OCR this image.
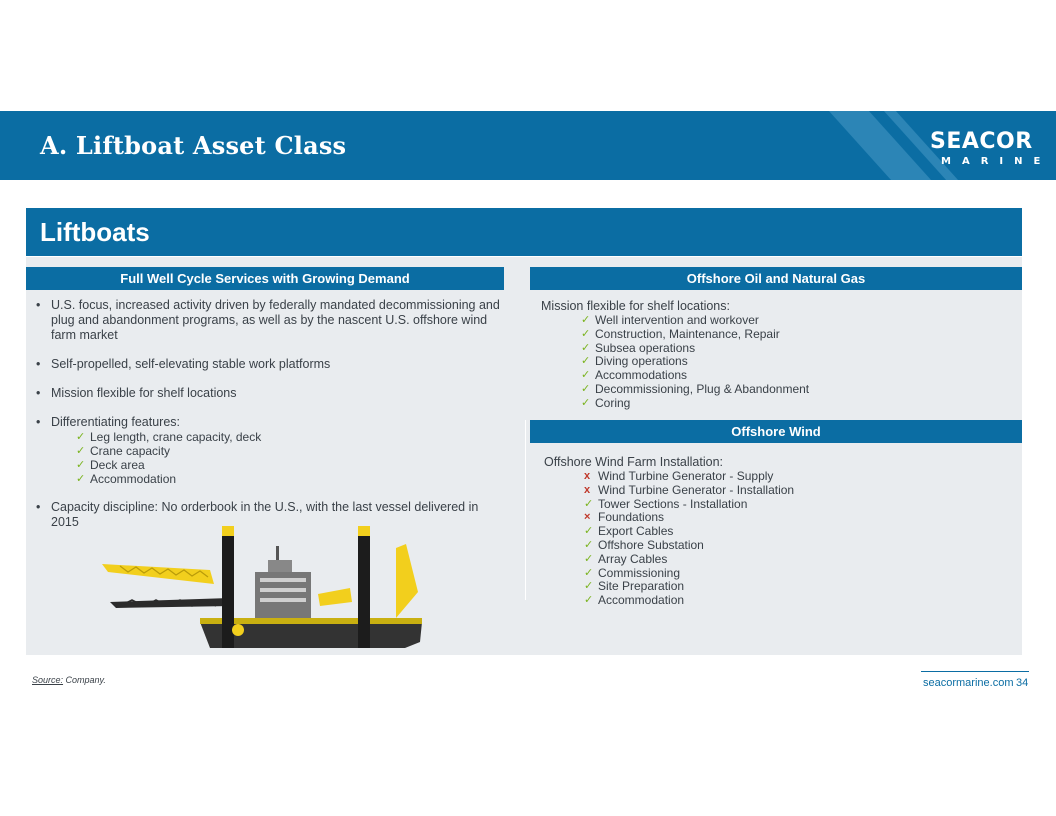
A. Liftboat Asset Class	SEACOR
MARINE
Liftboats
Full Well Cycle Services with Growing Demand	Offshore Oil and Natural Gas
Offshore Wind
• U.S. focus, increased activity driven by federally mandated decommissioning and plug and abandonment programs, as well as by the nascent U.S. offshore wind farm market
• Self-propelled, self-elevating stable work platforms
• Mission flexible for shelf locations
• Differentiating features:
✓ Leg length, crane capacity, deck
✓ Crane capacity
✓ Deck area
✓ Accommodation
• Capacity discipline: No orderbook in the U.S., with the last vessel delivered in 2015
Mission flexible for shelf locations:
✓ Well intervention and workover
✓ Construction, Maintenance, Repair
✓ Subsea operations
✓ Diving operations
✓ Accommodations
✓ Decommissioning, Plug & Abandonment
✓ Coring
Offshore Wind Farm Installation:
x Wind Turbine Generator - Supply
x Wind Turbine Generator - Installation
✓ Tower Sections - Installation
× Foundations
✓ Export Cables
✓ Offshore Substation
✓ Array Cables
✓ Commissioning
✓ Site Preparation
✓ Accommodation
Source: Company.	seacormarine.com 34
